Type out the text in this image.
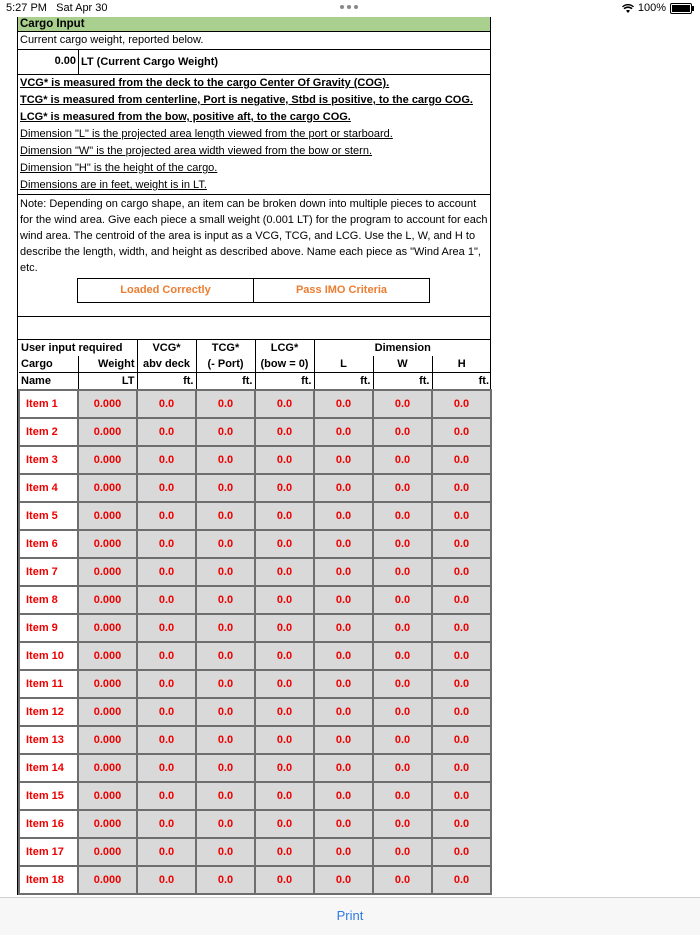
5:27 PM Sat Apr 30	100%
Cargo Input
Current cargo weight, reported below.
0.00 LT (Current Cargo Weight)
VCG* is measured from the deck to the cargo Center Of Gravity (COG).
TCG* is measured from centerline, Port is negative, Stbd is positive, to the cargo COG.
LCG* is measured from the bow, positive aft, to the cargo COG.
Dimension "L" is the projected area length viewed from the port or starboard.
Dimension "W" is the projected area width viewed from the bow or stern.
Dimension "H" is the height of the cargo.
Dimensions are in feet, weight is in LT.
Note: Depending on cargo shape, an item can be broken down into multiple pieces to account for the wind area. Give each piece a small weight (0.001 LT) for the program to account for each wind area. The centroid of the area is input as a VCG, TCG, and LCG. Use the L, W, and H to describe the length, width, and height as described above. Name each piece as "Wind Area 1", etc.
Loaded Correctly	Pass IMO Criteria
User input required		VCG*	TCG*	LCG*	Dimension		
Cargo	Weight	abv deck	(- Port)	(bow = 0)	L	W	H
Name	LT	ft.	ft.	ft.	ft.	ft.	ft.
Item 1	0.000	0.0	0.0	0.0	0.0	0.0	0.0
Item 2	0.000	0.0	0.0	0.0	0.0	0.0	0.0
Item 3	0.000	0.0	0.0	0.0	0.0	0.0	0.0
Item 4	0.000	0.0	0.0	0.0	0.0	0.0	0.0
Item 5	0.000	0.0	0.0	0.0	0.0	0.0	0.0
Item 6	0.000	0.0	0.0	0.0	0.0	0.0	0.0
Item 7	0.000	0.0	0.0	0.0	0.0	0.0	0.0
Item 8	0.000	0.0	0.0	0.0	0.0	0.0	0.0
Item 9	0.000	0.0	0.0	0.0	0.0	0.0	0.0
Item 10	0.000	0.0	0.0	0.0	0.0	0.0	0.0
Item 11	0.000	0.0	0.0	0.0	0.0	0.0	0.0
Item 12	0.000	0.0	0.0	0.0	0.0	0.0	0.0
Item 13	0.000	0.0	0.0	0.0	0.0	0.0	0.0
Item 14	0.000	0.0	0.0	0.0	0.0	0.0	0.0
Item 15	0.000	0.0	0.0	0.0	0.0	0.0	0.0
Item 16	0.000	0.0	0.0	0.0	0.0	0.0	0.0
Item 17	0.000	0.0	0.0	0.0	0.0	0.0	0.0
Item 18	0.000	0.0	0.0	0.0	0.0	0.0	0.0
Print
